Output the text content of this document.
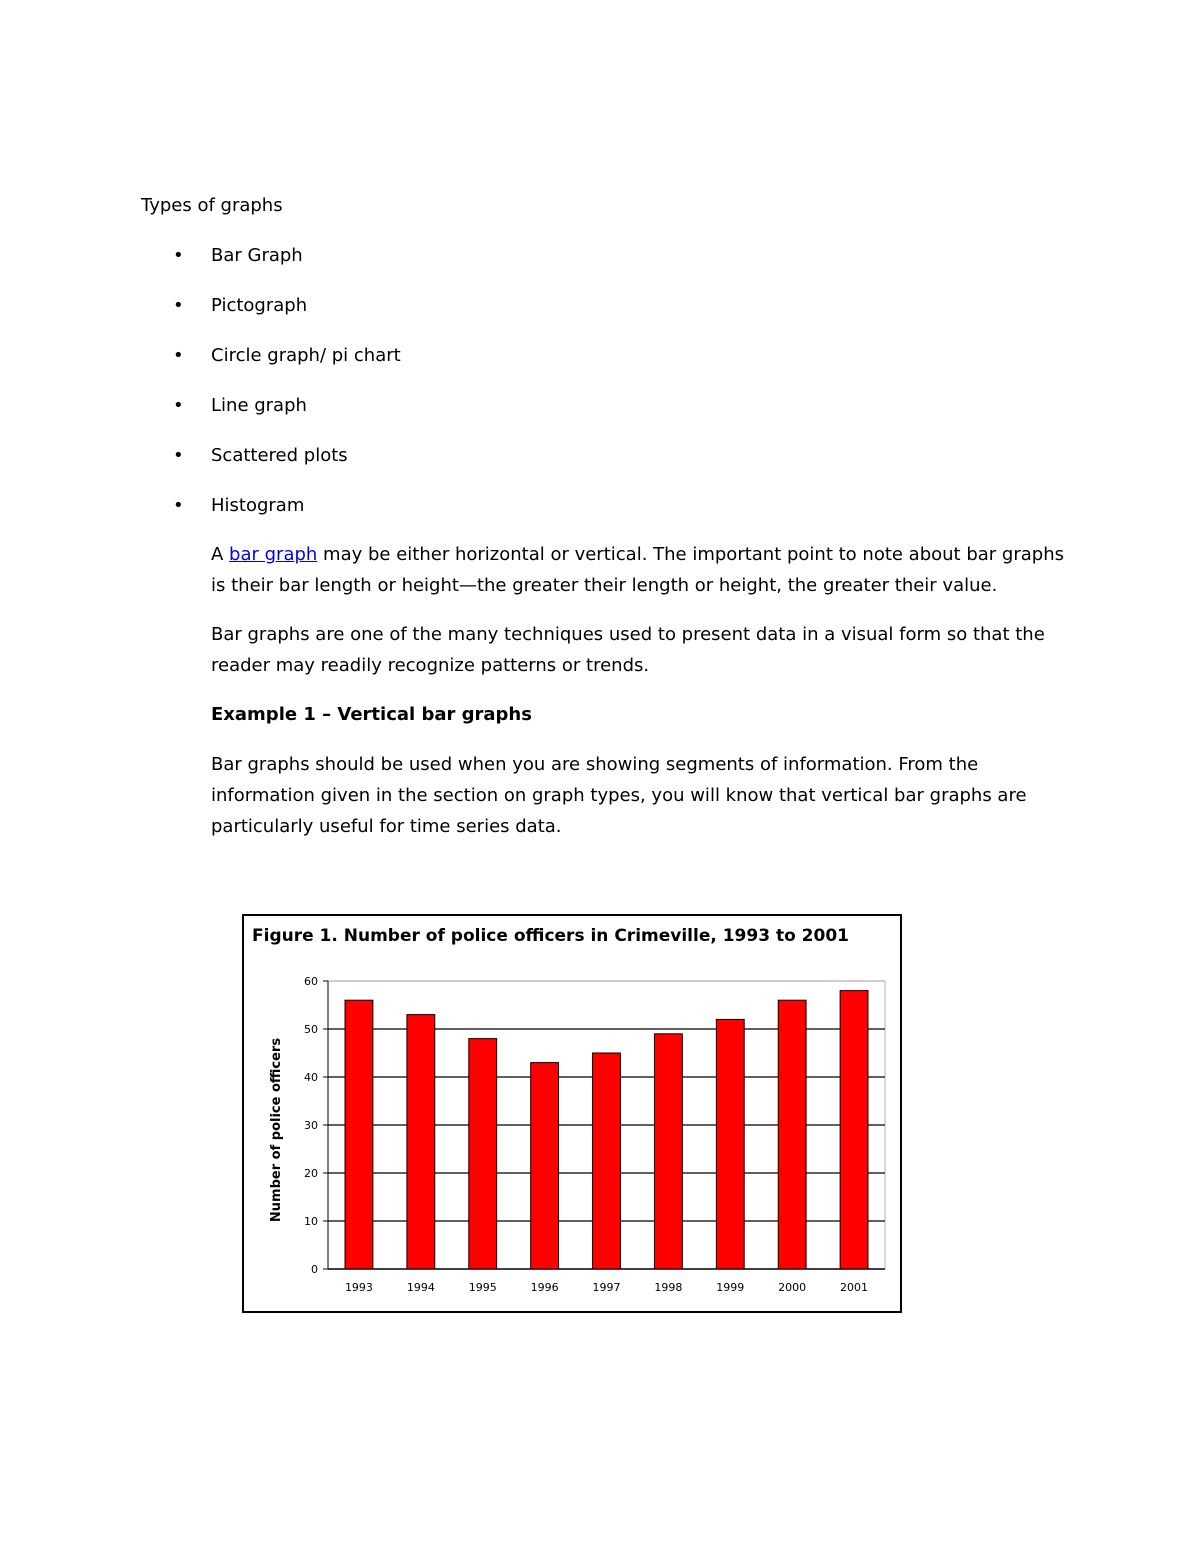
Types of graphs
• Bar Graph
• Pictograph
• Circle graph/ pi chart
• Line graph
• Scattered plots
• Histogram

A bar graph may be either horizontal or vertical. The important point to note about bar graphs is their bar length or height—the greater their length or height, the greater their value.

Bar graphs are one of the many techniques used to present data in a visual form so that the reader may readily recognize patterns or trends.

Example 1 – Vertical bar graphs

Bar graphs should be used when you are showing segments of information. From the information given in the section on graph types, you will know that vertical bar graphs are particularly useful for time series data.

Figure 1. Number of police officers in Crimeville, 1993 to 2001
0
10
20
30
40
50
60
1993	1994	1995	1996	1997	1998	1999	2000	2001
Number of police officers
